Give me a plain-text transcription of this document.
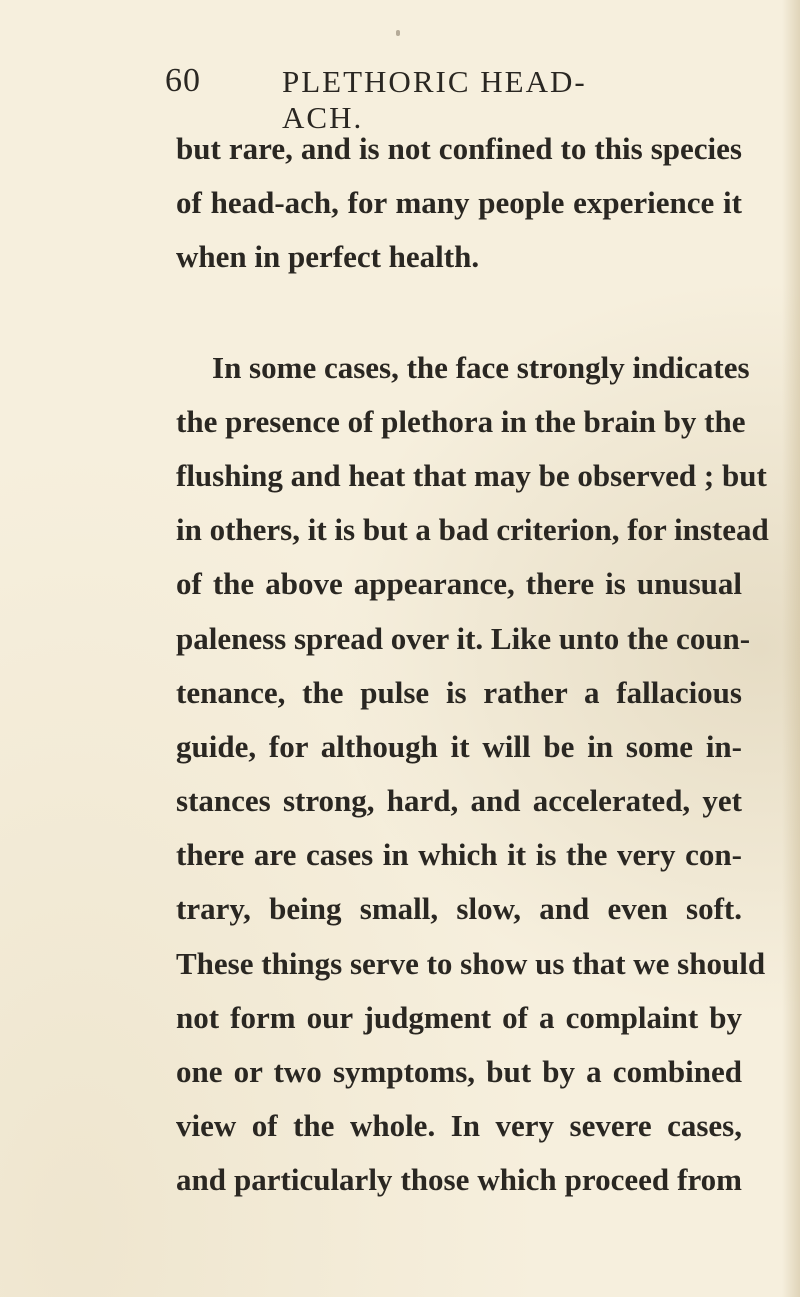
60	PLETHORIC HEAD-ACH.
but rare, and is not confined to this species
of head-ach, for many people experience it
when in perfect health.
In some cases, the face strongly indicates
the presence of plethora in the brain by the
flushing and heat that may be observed ; but
in others, it is but a bad criterion, for instead
of the above appearance, there is unusual
paleness spread over it. Like unto the coun-
tenance, the pulse is rather a fallacious
guide, for although it will be in some in-
stances strong, hard, and accelerated, yet
there are cases in which it is the very con-
trary, being small, slow, and even soft.
These things serve to show us that we should
not form our judgment of a complaint by
one or two symptoms, but by a combined
view of the whole. In very severe cases,
and particularly those which proceed from
